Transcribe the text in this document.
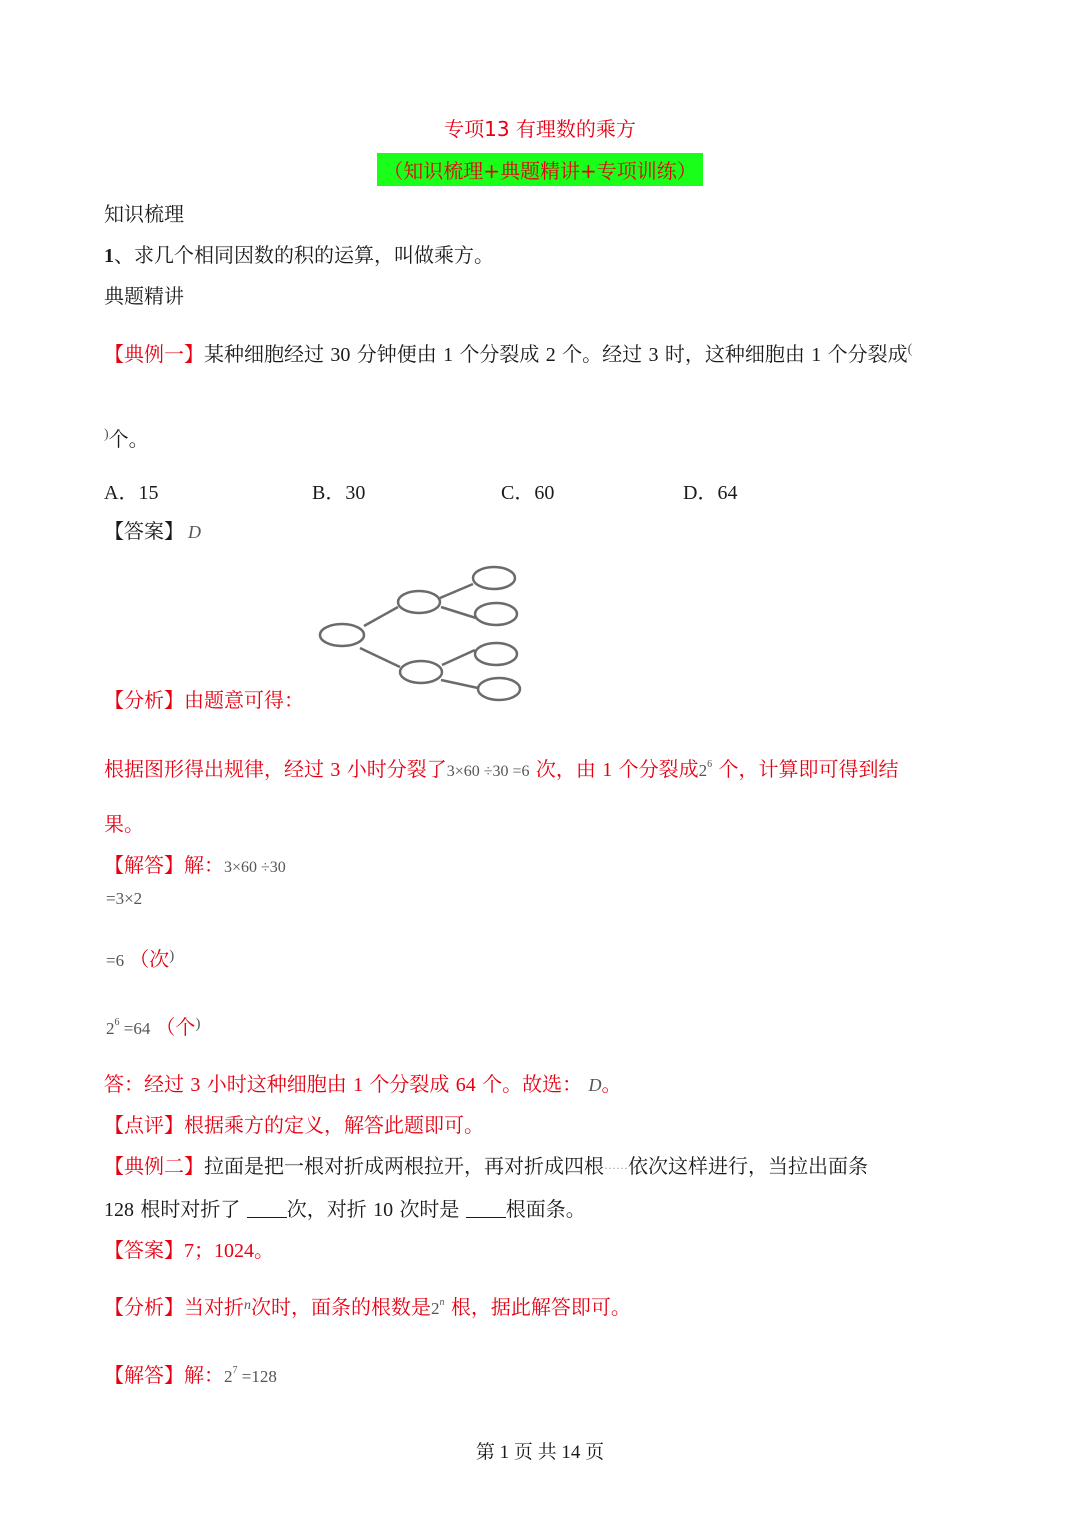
专项13 有理数的乘方
（知识梳理+典题精讲+专项训练）
知识梳理
1、求几个相同因数的积的运算，叫做乘方。
典题精讲
【典例一】某种细胞经过 30 分钟便由 1 个分裂成 2 个。经过 3 时，这种细胞由 1 个分裂成(
)个。
A．15	B．30	C．60	D．64
【答案】 D
【分析】由题意可得：
根据图形得出规律，经过 3 小时分裂了3×60 ÷30 =6 次，由 1 个分裂成$2^6$ 个，计算即可得到结
果。
【解答】解：3×60 ÷30
=3×2
=6 （次)
$2^6 =64$ （个)
答：经过 3 小时这种细胞由 1 个分裂成 64 个。故选： D。
【点评】根据乘方的定义，解答此题即可。
【典例二】拉面是把一根对折成两根拉开，再对折成四根……依次这样进行，当拉出面条
128 根时对折了 次，对折 10 次时是 根面条。
【答案】7；1024。
【分析】当对折$^n$次时，面条的根数是2$^n$ 根，据此解答即可。
【解答】解：$2^7 =128$
第 1 页 共 14 页
